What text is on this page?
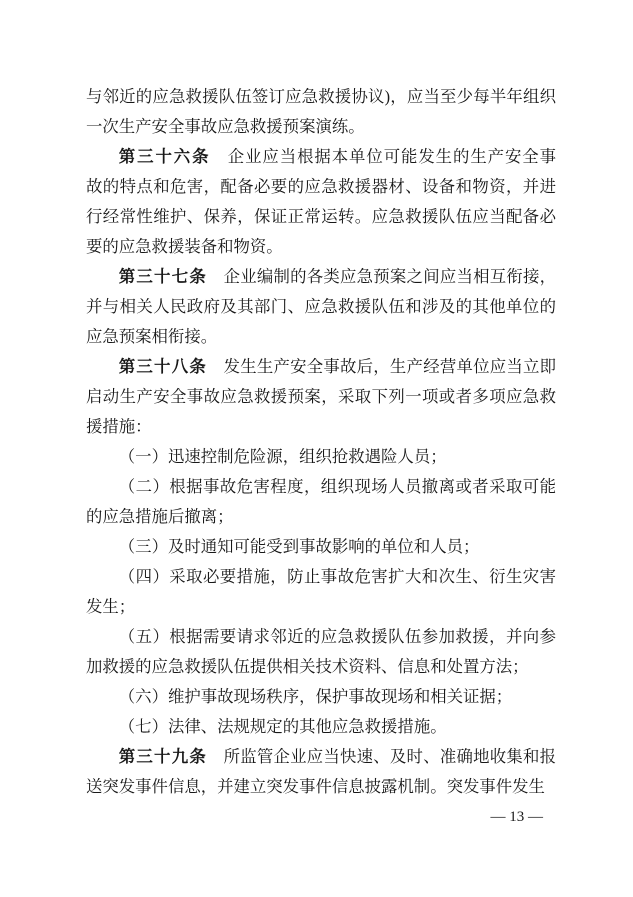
与邻近的应急救援队伍签订应急救援协议)，应当至少每半年组织
一次生产安全事故应急救援预案演练。
第三十六条 企业应当根据本单位可能发生的生产安全事
故的特点和危害，配备必要的应急救援器材、设备和物资，并进
行经常性维护、保养，保证正常运转。应急救援队伍应当配备必
要的应急救援装备和物资。
第三十七条 企业编制的各类应急预案之间应当相互衔接，
并与相关人民政府及其部门、应急救援队伍和涉及的其他单位的
应急预案相衔接。
第三十八条 发生生产安全事故后，生产经营单位应当立即
启动生产安全事故应急救援预案，采取下列一项或者多项应急救
援措施：
（一）迅速控制危险源，组织抢救遇险人员；
（二）根据事故危害程度，组织现场人员撤离或者采取可能
的应急措施后撤离；
（三）及时通知可能受到事故影响的单位和人员；
（四）采取必要措施，防止事故危害扩大和次生、衍生灾害
发生；
（五）根据需要请求邻近的应急救援队伍参加救援，并向参
加救援的应急救援队伍提供相关技术资料、信息和处置方法；
（六）维护事故现场秩序，保护事故现场和相关证据；
（七）法律、法规规定的其他应急救援措施。
第三十九条 所监管企业应当快速、及时、准确地收集和报
送突发事件信息，并建立突发事件信息披露机制。突发事件发生
— 13 —
